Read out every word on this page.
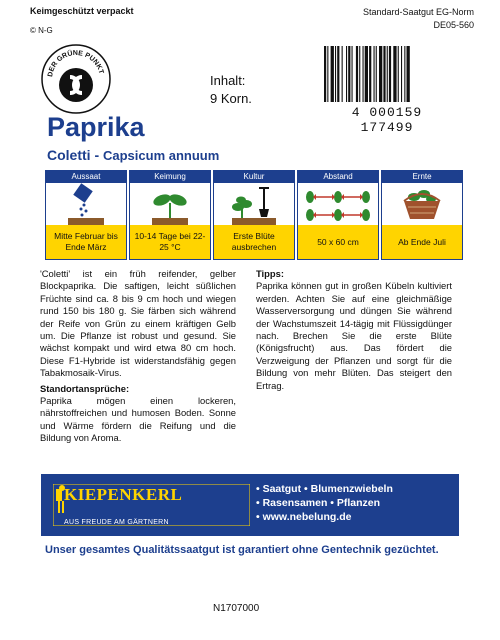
Keimgeschützt verpackt
© N-G
Standard-Saatgut EG-Norm
DE05-560
DER GRÜNE PUNKT
Inhalt:
9 Korn.
4 000159 177499
Paprika
Coletti - Capsicum annuum
Aussaat
Mitte Februar bis Ende März
Keimung
10-14 Tage bei 22-25 °C
Kultur
Erste Blüte ausbrechen
Abstand
50 x 60 cm
Ernte
Ab Ende Juli
'Coletti' ist ein früh reifender, gelber Blockpaprika. Die saftigen, leicht süßlichen Früchte sind ca. 8 bis 9 cm hoch und wiegen rund 150 bis 180 g. Sie färben sich während der Reife von Grün zu einem kräftigen Gelb um. Die Pflanze ist robust und gesund. Sie wächst kompakt und wird etwa 80 cm hoch. Diese F1-Hybride ist widerstandsfähig gegen Tabakmosaik-Virus.
Standortansprüche:
Paprika mögen einen lockeren, nährstoffreichen und humosen Boden. Sonne und Wärme fördern die Reifung und die Bildung von Aroma.
Tipps:
Paprika können gut in großen Kübeln kultiviert werden. Achten Sie auf eine gleichmäßige Wasserversorgung und düngen Sie während der Wachstumszeit 14-tägig mit Flüssigdünger nach. Brechen Sie die erste Blüte (Königsfrucht) aus. Das fördert die Verzweigung der Pflanzen und sorgt für die Bildung von mehr Blüten. Das steigert den Ertrag.
KIEPENKERL
AUS FREUDE AM GÄRTNERN
• Saatgut • Blumenzwiebeln
• Rasensamen • Pflanzen
• www.nebelung.de
Unser gesamtes Qualitätssaatgut ist garantiert ohne Gentechnik gezüchtet.
N1707000
